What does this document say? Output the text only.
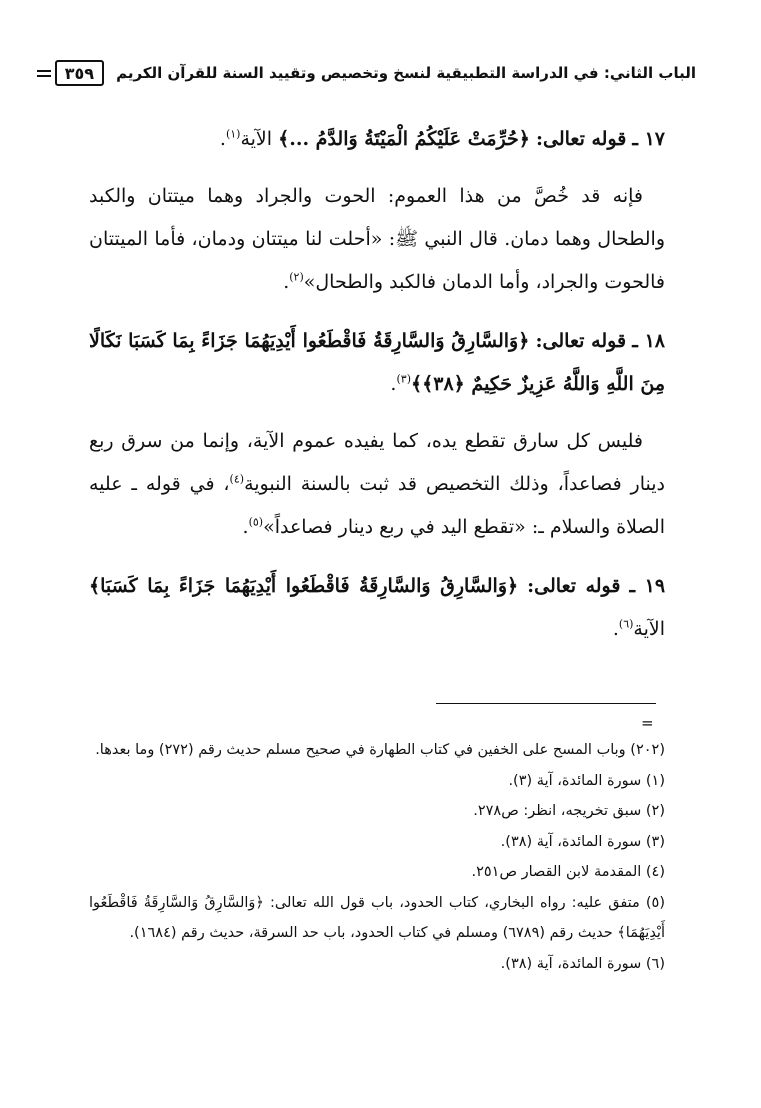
الباب الثاني: في الدراسة التطبيقية لنسخ وتخصيص وتقييد السنة للقرآن الكريم
٣٥٩
١٧ ـ قوله تعالى: ﴿حُرِّمَتْ عَلَيْكُمُ الْمَيْتَةُ وَالدَّمُ ...﴾ الآية$^{(١)}$.
فإنه قد خُصَّ من هذا العموم: الحوت والجراد وهما ميتتان والكبد والطحال وهما دمان. قال النبي ﷺ: «أحلت لنا ميتتان ودمان، فأما الميتتان فالحوت والجراد، وأما الدمان فالكبد والطحال»$^{(٢)}$.
١٨ ـ قوله تعالى: ﴿وَالسَّارِقُ وَالسَّارِقَةُ فَاقْطَعُوا أَيْدِيَهُمَا جَزَاءً بِمَا كَسَبَا نَكَالًا مِنَ اللَّهِ وَاللَّهُ عَزِيزٌ حَكِيمٌ ﴿٣٨﴾﴾$^{(٣)}$.
فليس كل سارق تقطع يده، كما يفيده عموم الآية، وإنما من سرق ربع دينار فصاعداً، وذلك التخصيص قد ثبت بالسنة النبوية$^{(٤)}$، في قوله ـ عليه الصلاة والسلام ـ: «تقطع اليد في ربع دينار فصاعداً»$^{(٥)}$.
١٩ ـ قوله تعالى: ﴿وَالسَّارِقُ وَالسَّارِقَةُ فَاقْطَعُوا أَيْدِيَهُمَا جَزَاءً بِمَا كَسَبَا﴾ الآية$^{(٦)}$.
=

(٢٠٢) وباب المسح على الخفين في كتاب الطهارة في صحيح مسلم حديث رقم (٢٧٢) وما بعدها.

(١) سورة المائدة، آية (٣).

(٢) سبق تخريجه، انظر: ص٢٧٨.

(٣) سورة المائدة، آية (٣٨).

(٤) المقدمة لابن القصار ص٢٥١.

(٥) متفق عليه: رواه البخاري، كتاب الحدود، باب قول الله تعالى: ﴿وَالسَّارِقُ وَالسَّارِقَةُ فَاقْطَعُوا أَيْدِيَهُمَا﴾ حديث رقم (٦٧٨٩) ومسلم في كتاب الحدود، باب حد السرقة، حديث رقم (١٦٨٤).

(٦) سورة المائدة، آية (٣٨).
